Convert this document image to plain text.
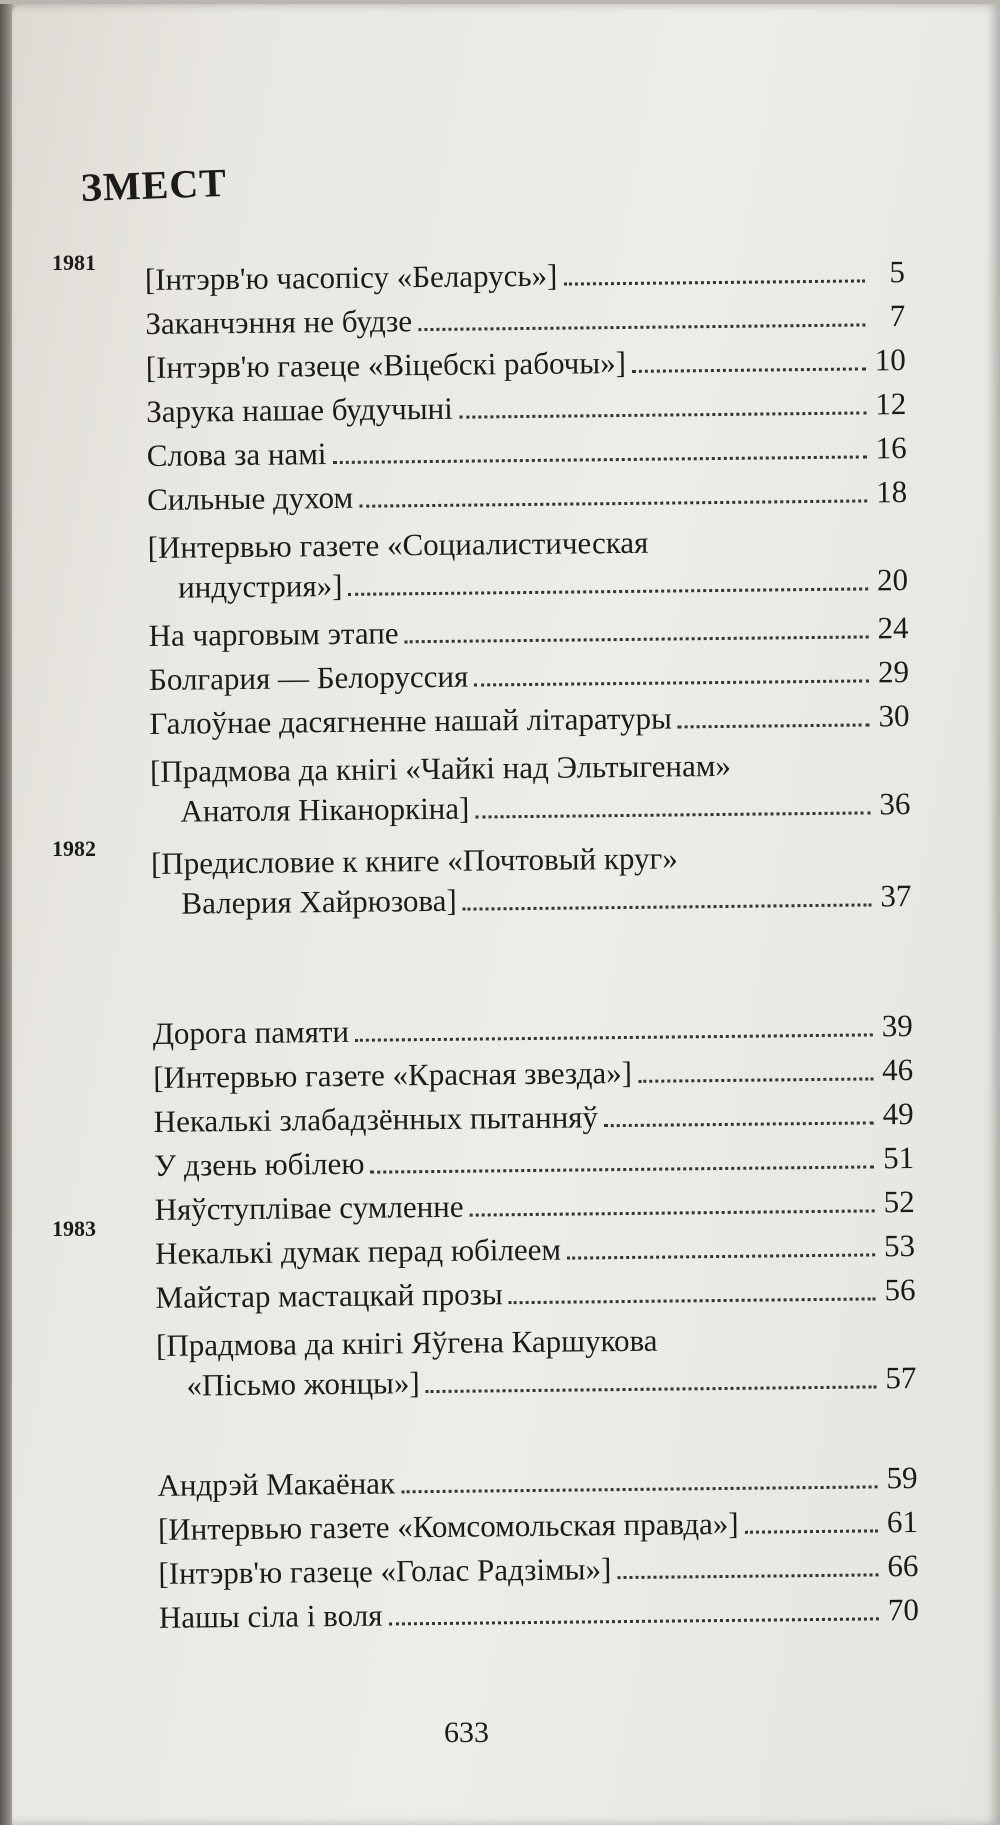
ЗМЕСТ
1981
1982
1983
[Інтэрв'ю часопісу «Беларусь»]	5
Заканчэння не будзе	7
[Інтэрв'ю газеце «Віцебскі рабочы»]	10
Зарука нашае будучыні	12
Слова за намі	16
Сильные духом	18
[Интервью газете «Социалистическая
индустрия»]	20
На чарговым этапе	24
Болгария — Белоруссия	29
Галоўнае дасягненне нашай літаратуры	30
[Прадмова да кнігі «Чайкі над Эльтыгенам»
Анатоля Ніканоркіна]	36
[Предисловие к книге «Почтовый круг»
Валерия Хайрюзова]	37
Дорога памяти	39
[Интервью газете «Красная звезда»]	46
Некалькі злабадзённых пытанняў	49
У дзень юбілею	51
Няўступлівае сумленне	52
Некалькі думак перад юбілеем	53
Майстар мастацкай прозы	56
[Прадмова да кнігі Яўгена Каршукова
«Пісьмо жонцы»]	57
Андрэй Макаёнак	59
[Интервью газете «Комсомольская правда»]	61
[Інтэрв'ю газеце «Голас Радзімы»]	66
Нашы сіла і воля	70
633
